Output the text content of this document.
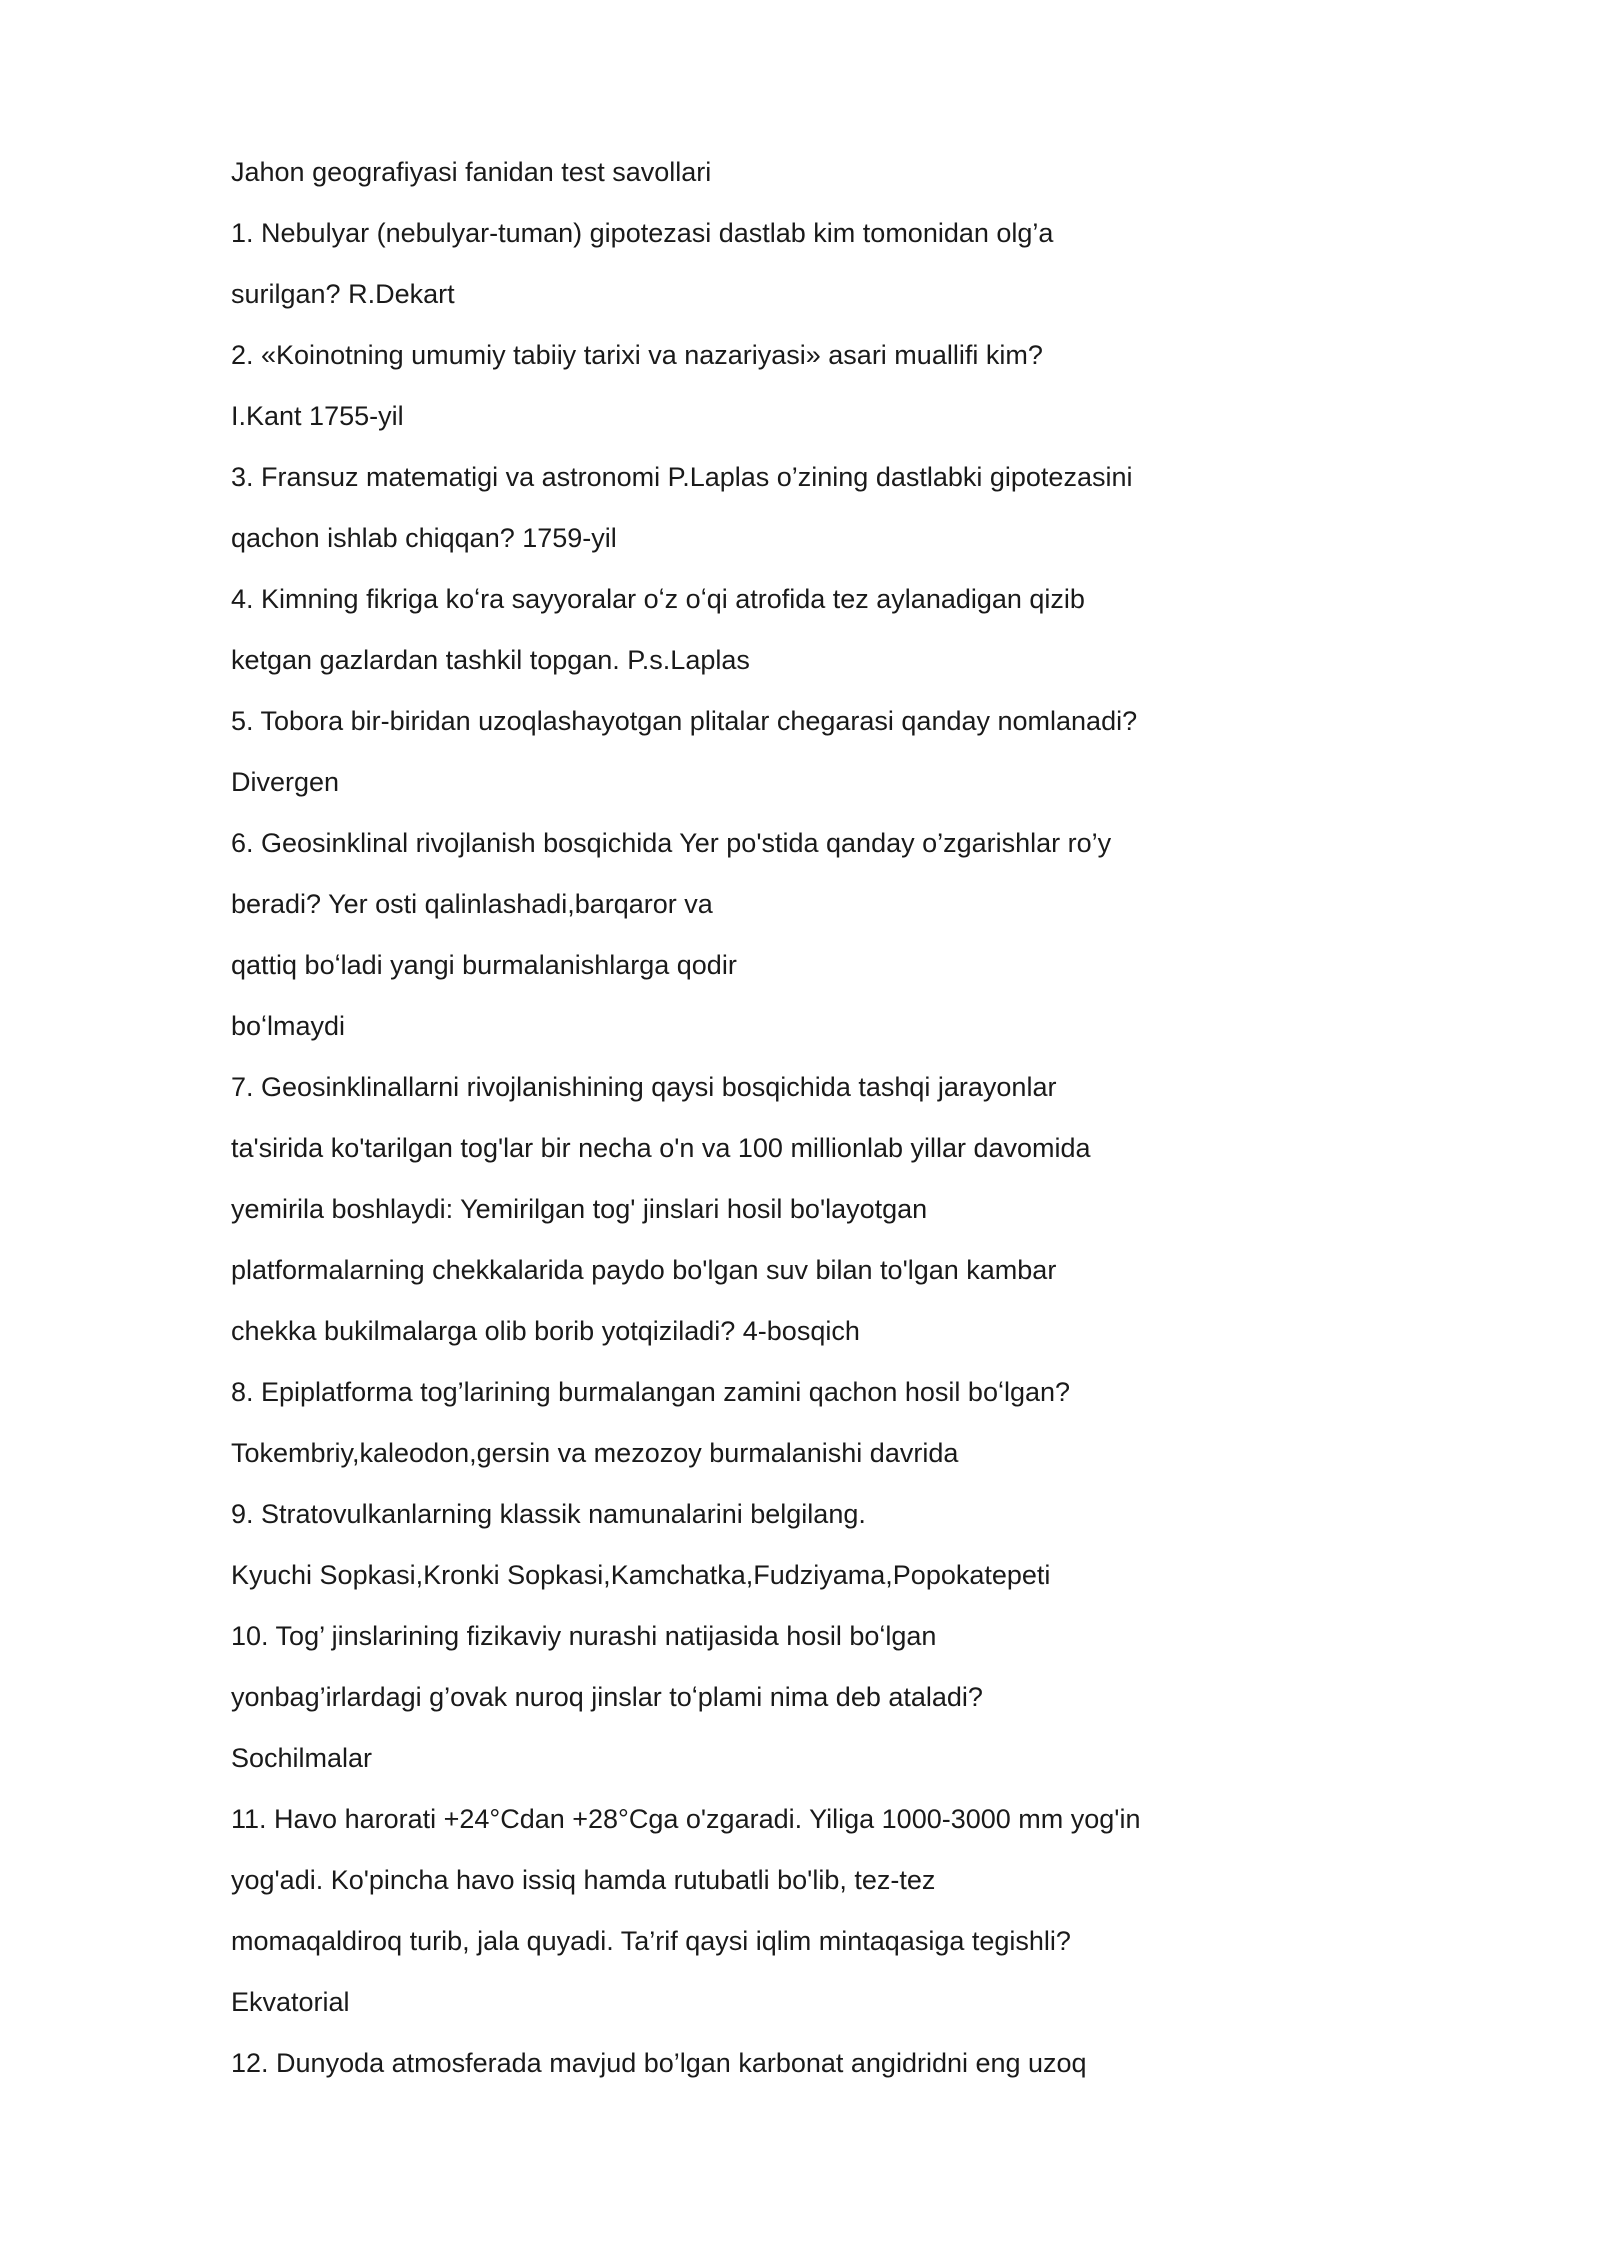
Jahon geografiyasi fanidan test savollari
1. Nebulyar (nebulyar-tuman) gipotezasi dastlab kim tomonidan olg’a
surilgan? R.Dekart
2. «Koinotning umumiy tabiiy tarixi va nazariyasi» asari muallifi kim?
I.Kant 1755-yil
3. Fransuz matematigi va astronomi P.Laplas o’zining dastlabki gipotezasini
qachon ishlab chiqqan? 1759-yil
4. Kimning fikriga koʻra sayyoralar oʻz oʻqi atrofida tez aylanadigan qizib
ketgan gazlardan tashkil topgan. P.s.Laplas
5. Tobora bir-biridan uzoqlashayotgan plitalar chegarasi qanday nomlanadi?
Divergen
6. Geosinklinal rivojlanish bosqichida Yer po'stida qanday o’zgarishlar ro’y
beradi? Yer osti qalinlashadi,barqaror va
qattiq boʻladi yangi burmalanishlarga qodir
boʻlmaydi
7. Geosinklinallarni rivojlanishining qaysi bosqichida tashqi jarayonlar
ta'sirida ko'tarilgan tog'lar bir necha o'n va 100 millionlab yillar davomida
yemirila boshlaydi: Yemirilgan tog' jinslari hosil bo'layotgan
platformalarning chekkalarida paydo bo'lgan suv bilan to'lgan kambar
chekka bukilmalarga olib borib yotqiziladi? 4-bosqich
8. Epiplatforma tog’larining burmalangan zamini qachon hosil boʻlgan?
Tokembriy,kaleodon,gersin va mezozoy burmalanishi davrida
9. Stratovulkanlarning klassik namunalarini belgilang.
Kyuchi Sopkasi,Kronki Sopkasi,Kamchatka,Fudziyama,Popokatepeti
10. Tog’ jinslarining fizikaviy nurashi natijasida hosil boʻlgan
yonbag’irlardagi g’ovak nuroq jinslar toʻplami nima deb ataladi?
Sochilmalar
11. Havo harorati +24°Cdan +28°Cga o'zgaradi. Yiliga 1000-3000 mm yog'in
yog'adi. Ko'pincha havo issiq hamda rutubatli bo'lib, tez-tez
momaqaldiroq turib, jala quyadi. Ta’rif qaysi iqlim mintaqasiga tegishli?
Ekvatorial
12. Dunyoda atmosferada mavjud bo’lgan karbonat angidridni eng uzoq
